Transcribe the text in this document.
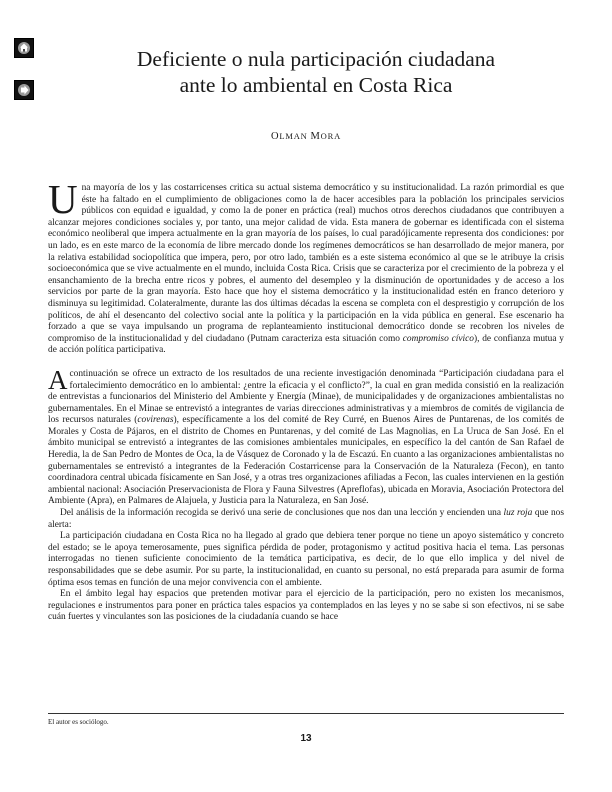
Deficiente o nula participación ciudadana
ante lo ambiental en Costa Rica

OLMAN MORA

Una mayoría de los y las costarricenses critica su actual sistema democrático y su institucionalidad. La razón primordial es que éste ha faltado en el cumplimiento de obligaciones como la de hacer accesibles para la población los principales servicios públicos con equidad e igualdad, y como la de poner en práctica (real) muchos otros derechos ciudadanos que contribuyen a alcanzar mejores condiciones sociales y, por tanto, una mejor calidad de vida. Esta manera de gobernar es identificada con el sistema económico neoliberal que impera actualmente en la gran mayoría de los países, lo cual paradójicamente representa dos condiciones: por un lado, es en este marco de la economía de libre mercado donde los regímenes democráticos se han desarrollado de mejor manera, por la relativa estabilidad sociopolítica que impera, pero, por otro lado, también es a este sistema económico al que se le atribuye la crisis socioeconómica que se vive actualmente en el mundo, incluida Costa Rica. Crisis que se caracteriza por el crecimiento de la pobreza y el ensanchamiento de la brecha entre ricos y pobres, el aumento del desempleo y la disminución de oportunidades y de acceso a los servicios por parte de la gran mayoría. Esto hace que hoy el sistema democrático y la institucionalidad estén en franco deterioro y disminuya su legitimidad. Colateralmente, durante las dos últimas décadas la escena se completa con el desprestigio y corrupción de los políticos, de ahí el desencanto del colectivo social ante la política y la participación en la vida pública en general. Ese escenario ha forzado a que se vaya impulsando un programa de replanteamiento institucional democrático donde se recobren los niveles de compromiso de la institucionalidad y del ciudadano (Putnam caracteriza esta situación como compromiso cívico), de confianza mutua y de acción política participativa.

A continuación se ofrece un extracto de los resultados de una reciente investigación denominada “Participación ciudadana para el fortalecimiento democrático en lo ambiental: ¿entre la eficacia y el conflicto?”, la cual en gran medida consistió en la realización de entrevistas a funcionarios del Ministerio del Ambiente y Energía (Minae), de municipalidades y de organizaciones ambientalistas no gubernamentales. En el Minae se entrevistó a integrantes de varias direcciones administrativas y a miembros de comités de vigilancia de los recursos naturales (covirenas), específicamente a los del comité de Rey Curré, en Buenos Aires de Puntarenas, de los comités de Morales y Costa de Pájaros, en el distrito de Chomes en Puntarenas, y del comité de Las Magnolias, en La Uruca de San José. En el ámbito municipal se entrevistó a integrantes de las comisiones ambientales municipales, en específico la del cantón de San Rafael de Heredia, la de San Pedro de Montes de Oca, la de Vásquez de Coronado y la de Escazú. En cuanto a las organizaciones ambientalistas no gubernamentales se entrevistó a integrantes de la Federación Costarricense para la Conservación de la Naturaleza (Fecon), en tanto coordinadora central ubicada físicamente en San José, y a otras tres organizaciones afiliadas a Fecon, las cuales intervienen en la gestión ambiental nacional: Asociación Preservacionista de Flora y Fauna Silvestres (Apreflofas), ubicada en Moravia, Asociación Protectora del Ambiente (Apra), en Palmares de Alajuela, y Justicia para la Naturaleza, en San José.

Del análisis de la información recogida se derivó una serie de conclusiones que nos dan una lección y encienden una luz roja que nos alerta:

La participación ciudadana en Costa Rica no ha llegado al grado que debiera tener porque no tiene un apoyo sistemático y concreto del estado; se le apoya temerosamente, pues significa pérdida de poder, protagonismo y actitud positiva hacia el tema. Las personas interrogadas no tienen suficiente conocimiento de la temática participativa, es decir, de lo que ello implica y del nivel de responsabilidades que se debe asumir. Por su parte, la institucionalidad, en cuanto su personal, no está preparada para asumir de forma óptima esos temas en función de una mejor convivencia con el ambiente.

En el ámbito legal hay espacios que pretenden motivar para el ejercicio de la participación, pero no existen los mecanismos, regulaciones e instrumentos para poner en práctica tales espacios ya contemplados en las leyes y no se sabe si son efectivos, ni se sabe cuán fuertes y vinculantes son las posiciones de la ciudadanía cuando se hace

El autor es sociólogo.

13
